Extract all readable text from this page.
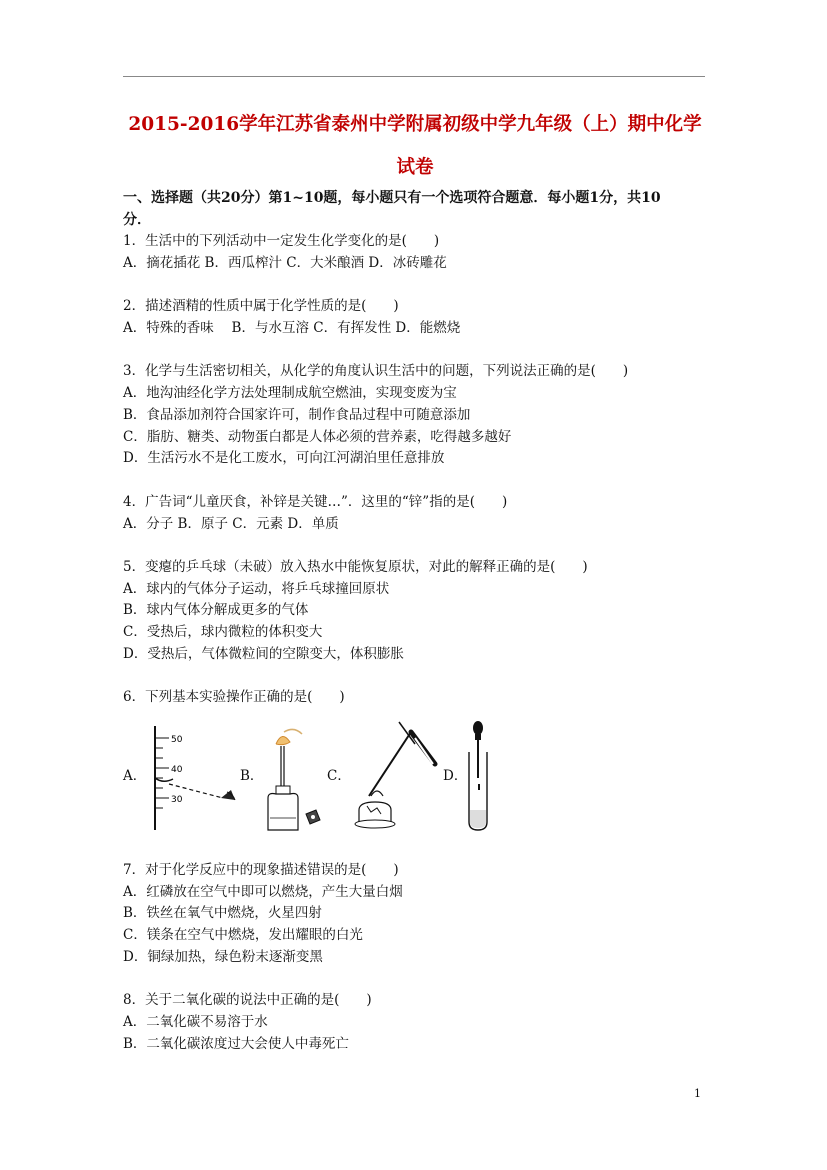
2015-2016学年江苏省泰州中学附属初级中学九年级（上）期中化学
试卷
一、选择题（共20分）第1~10题，每小题只有一个选项符合题意．每小题1分，共10
分．
1．生活中的下列活动中一定发生化学变化的是(　　)
A．摘花插花 B．西瓜榨汁 C．大米酿酒 D．冰砖雕花
2．描述酒精的性质中属于化学性质的是(　　)
A．特殊的香味　 B．与水互溶 C．有挥发性 D．能燃烧
3．化学与生活密切相关，从化学的角度认识生活中的问题，下列说法正确的是(　　)
A．地沟油经化学方法处理制成航空燃油，实现变废为宝
B．食品添加剂符合国家许可，制作食品过程中可随意添加
C．脂肪、糖类、动物蛋白都是人体必须的营养素，吃得越多越好
D．生活污水不是化工废水，可向江河湖泊里任意排放
4．广告词“儿童厌食，补锌是关键…”．这里的“锌”指的是(　　)
A．分子 B．原子 C．元素 D．单质
5．变瘪的乒乓球（未破）放入热水中能恢复原状，对此的解释正确的是(　　)
A．球内的气体分子运动，将乒乓球撞回原状
B．球内气体分解成更多的气体
C．受热后，球内微粒的体积变大
D．受热后，气体微粒间的空隙变大，体积膨胀
6．下列基本实验操作正确的是(　　)
A．	B．	C．	D．
50
40
30
7．对于化学反应中的现象描述错误的是(　　)
A．红磷放在空气中即可以燃烧，产生大量白烟
B．铁丝在氧气中燃烧，火星四射
C．镁条在空气中燃烧，发出耀眼的白光
D．铜绿加热，绿色粉末逐渐变黑
8．关于二氧化碳的说法中正确的是(　　)
A．二氧化碳不易溶于水
B．二氧化碳浓度过大会使人中毒死亡
1
